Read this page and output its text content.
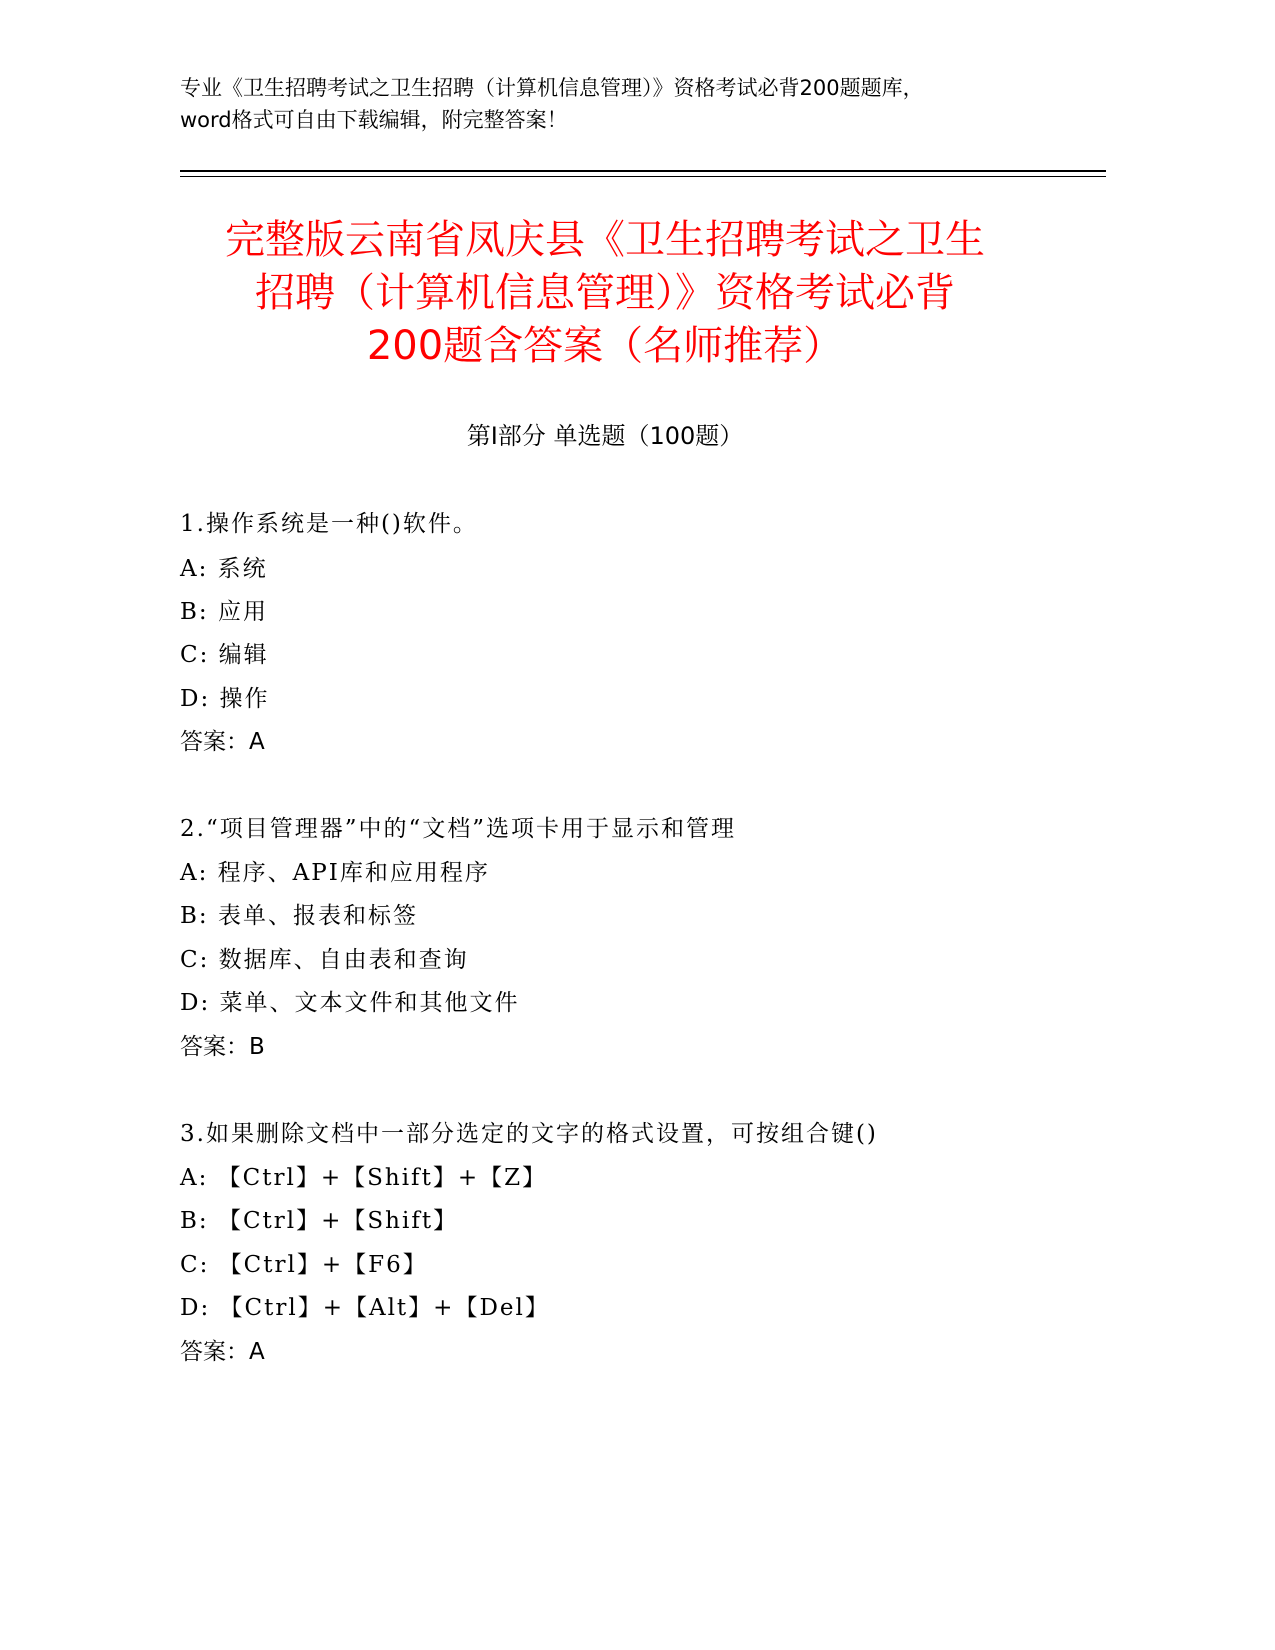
专业《卫生招聘考试之卫生招聘（计算机信息管理）》资格考试必背200题题库，
word格式可自由下载编辑，附完整答案！
完整版云南省凤庆县《卫生招聘考试之卫生
招聘（计算机信息管理）》资格考试必背
200题含答案（名师推荐）
第Ⅰ部分 单选题（100题）
1.操作系统是一种()软件。
A: 系统
B: 应用
C: 编辑
D: 操作
答案：A
2.“项目管理器”中的“文档”选项卡用于显示和管理
A: 程序、API库和应用程序
B: 表单、报表和标签
C: 数据库、自由表和查询
D: 菜单、文本文件和其他文件
答案：B
3.如果删除文档中一部分选定的文字的格式设置，可按组合键()
A: 【Ctrl】+【Shift】+【Z】
B: 【Ctrl】+【Shift】
C: 【Ctrl】+【F6】
D: 【Ctrl】+【Alt】+【Del】
答案：A
